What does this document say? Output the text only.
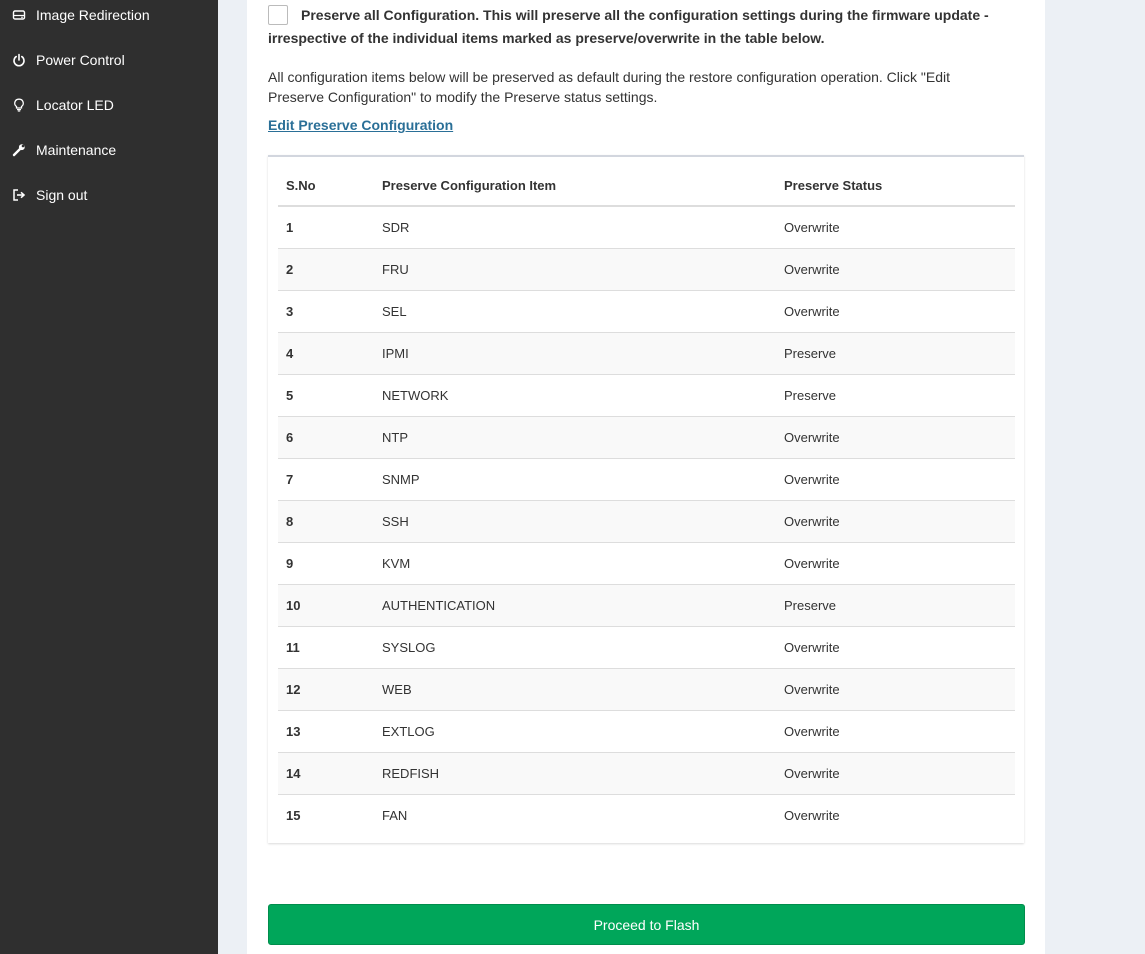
Image Redirection
Power Control
Locator LED
Maintenance
Sign out

Preserve all Configuration. This will preserve all the configuration settings during the firmware update - irrespective of the individual items marked as preserve/overwrite in the table below.

All configuration items below will be preserved as default during the restore configuration operation. Click "Edit Preserve Configuration" to modify the Preserve status settings.

Edit Preserve Configuration
S.No	Preserve Configuration Item	Preserve Status
1	SDR	Overwrite
2	FRU	Overwrite
3	SEL	Overwrite
4	IPMI	Preserve
5	NETWORK	Preserve
6	NTP	Overwrite
7	SNMP	Overwrite
8	SSH	Overwrite
9	KVM	Overwrite
10	AUTHENTICATION	Preserve
11	SYSLOG	Overwrite
12	WEB	Overwrite
13	EXTLOG	Overwrite
14	REDFISH	Overwrite
15	FAN	Overwrite
Proceed to Flash
